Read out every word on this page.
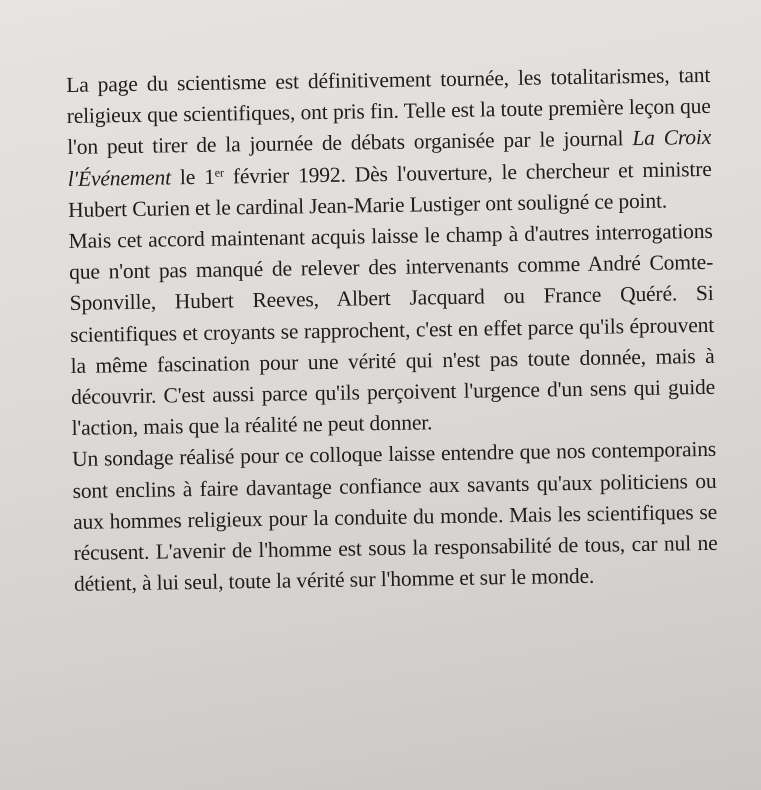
La page du scientisme est définitivement tournée, les totalitarismes, tant religieux que scientifiques, ont pris fin. Telle est la toute première leçon que l'on peut tirer de la journée de débats organisée par le journal La Croix l'Événement le 1er février 1992. Dès l'ouverture, le chercheur et ministre Hubert Curien et le cardinal Jean-Marie Lustiger ont souligné ce point.

Mais cet accord maintenant acquis laisse le champ à d'autres interrogations que n'ont pas manqué de relever des intervenants comme André Comte-Sponville, Hubert Reeves, Albert Jacquard ou France Quéré. Si scientifiques et croyants se rapprochent, c'est en effet parce qu'ils éprouvent la même fascination pour une vérité qui n'est pas toute donnée, mais à découvrir. C'est aussi parce qu'ils perçoivent l'urgence d'un sens qui guide l'action, mais que la réalité ne peut donner.

Un sondage réalisé pour ce colloque laisse entendre que nos contemporains sont enclins à faire davantage confiance aux savants qu'aux politiciens ou aux hommes religieux pour la conduite du monde. Mais les scientifiques se récusent. L'avenir de l'homme est sous la responsabilité de tous, car nul ne détient, à lui seul, toute la vérité sur l'homme et sur le monde.
